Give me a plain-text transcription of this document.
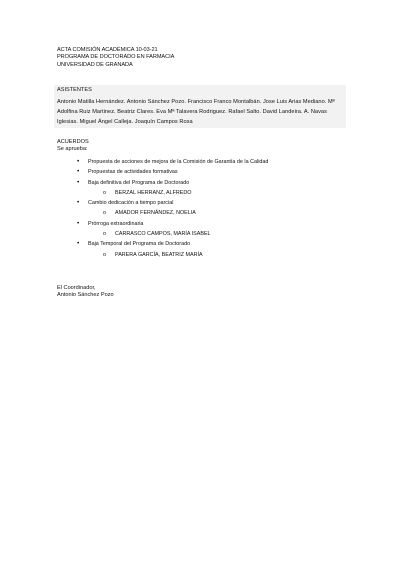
ACTA COMISIÓN ACADÉMICA 10-03-21
PROGRAMA DE DOCTORADO EN FARMACIA
UNIVERSIDAD DE GRANADA
ASISTENTES
Antonio Matilla Hernández. Antonio Sánchez Pozo. Francisco Franco Montalbán. Jose Luis Arias Mediano. Mª Adolfina Ruiz Martinez. Beatriz Clares. Eva Mª Talavera Rodriguez. Rafael Salto. David Landeira. A. Navas Iglesias. Miguel Ángel Calleja. Joaquín Campos Rosa
ACUERDOS
Se aprueba:
• Propuesta de acciones de mejora de la Comisión de Garantía de la Calidad
• Propuestas de actividades formativas
• Baja definitiva del Programa de Doctorado
o BERZAL HERRANZ, ALFREDO
• Cambio dedicación a tiempo parcial
o AMADOR FERNÁNDEZ, NOELIA
• Prórroga extraordinaria
o CARRASCO CAMPOS, MARÍA ISABEL
• Baja Temporal del Programa de Doctorado
o PARERA GARCÍA, BEATRIZ MARÍA
El Coordinador,
Antonio Sánchez Pozo
